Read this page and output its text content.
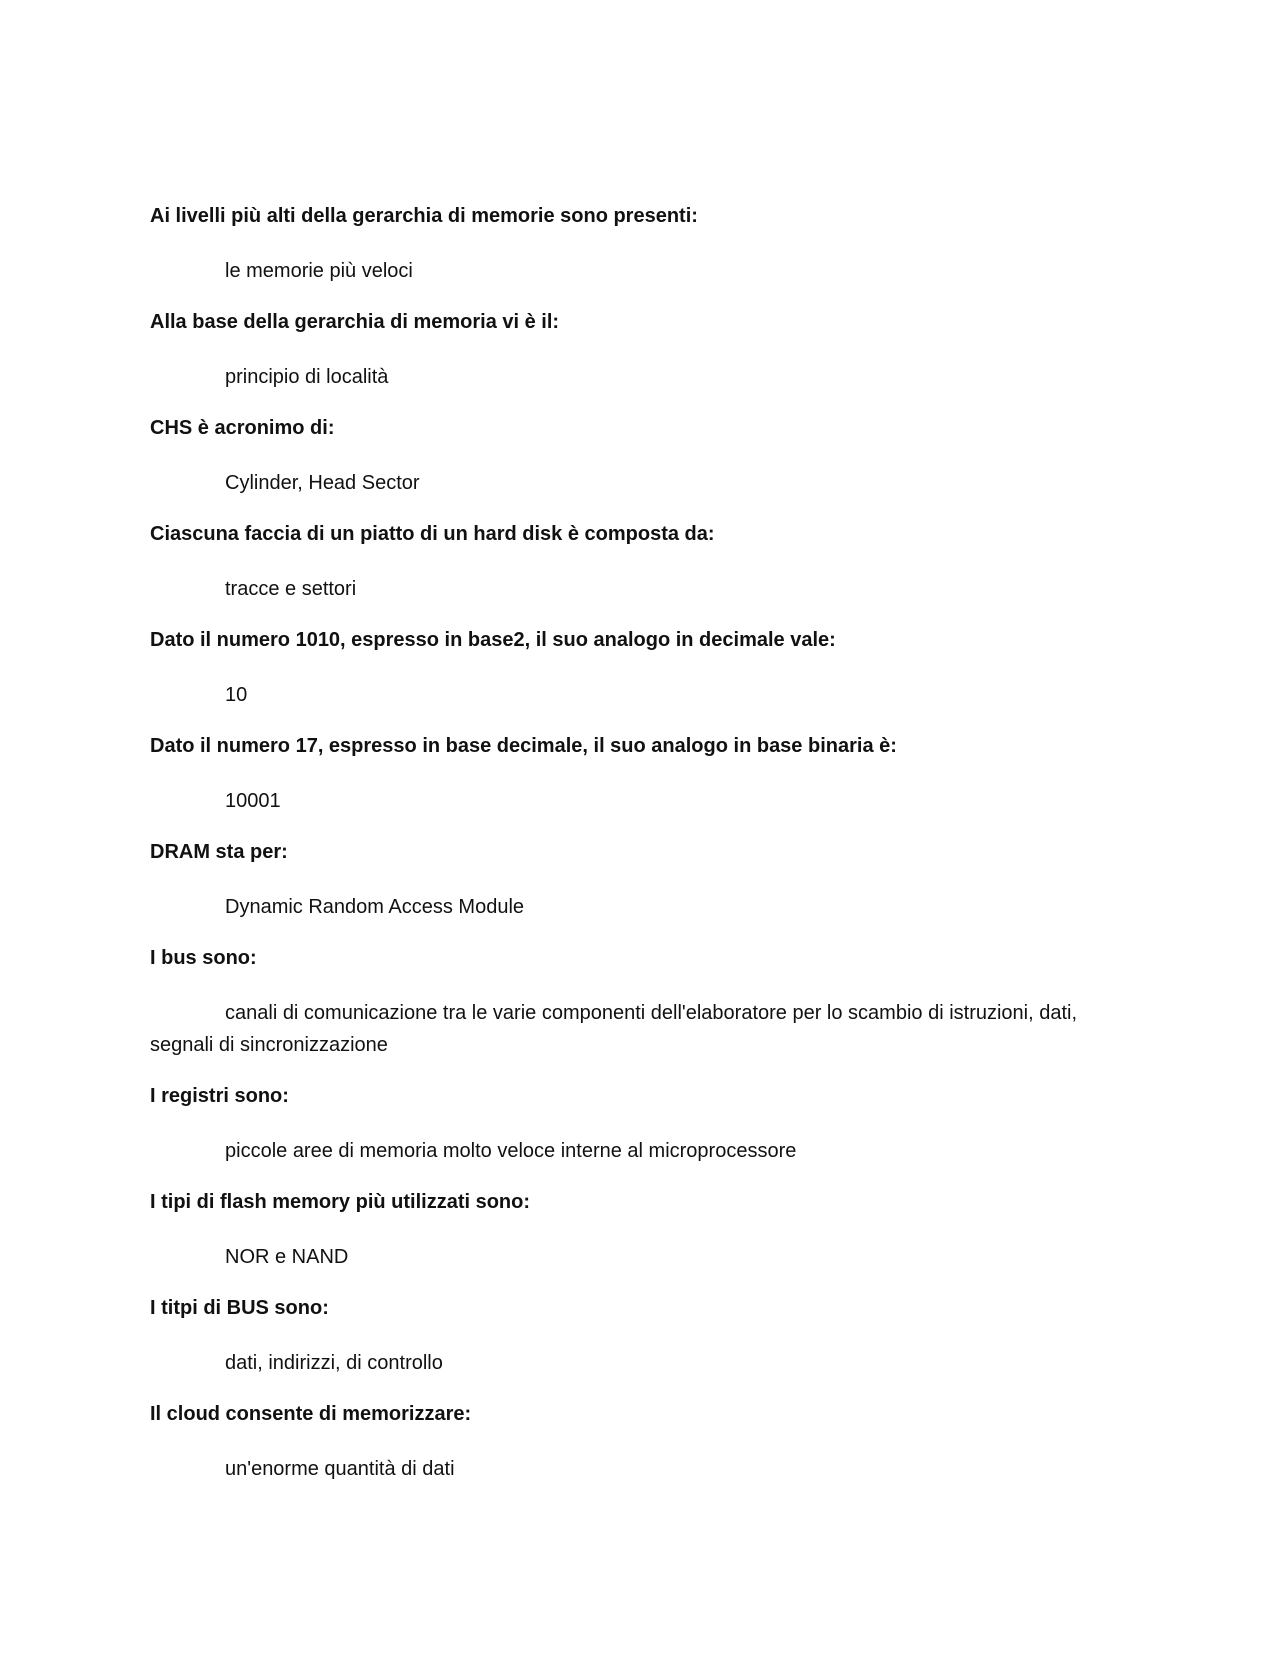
Ai livelli più alti della gerarchia di memorie sono presenti:

le memorie più veloci

Alla base della gerarchia di memoria vi è il:

principio di località

CHS è acronimo di:

Cylinder, Head Sector

Ciascuna faccia di un piatto di un hard disk è composta da:

tracce e settori

Dato il numero 1010, espresso in base2, il suo analogo in decimale vale:

10

Dato il numero 17, espresso in base decimale, il suo analogo in base binaria è:

10001

DRAM sta per:

Dynamic Random Access Module

I bus sono:

canali di comunicazione tra le varie componenti dell'elaboratore per lo scambio di istruzioni, dati, segnali di sincronizzazione

I registri sono:

piccole aree di memoria molto veloce interne al microprocessore

I tipi di flash memory più utilizzati sono:

NOR e NAND

I titpi di BUS sono:

dati, indirizzi, di controllo

Il cloud consente di memorizzare:

un'enorme quantità di dati
